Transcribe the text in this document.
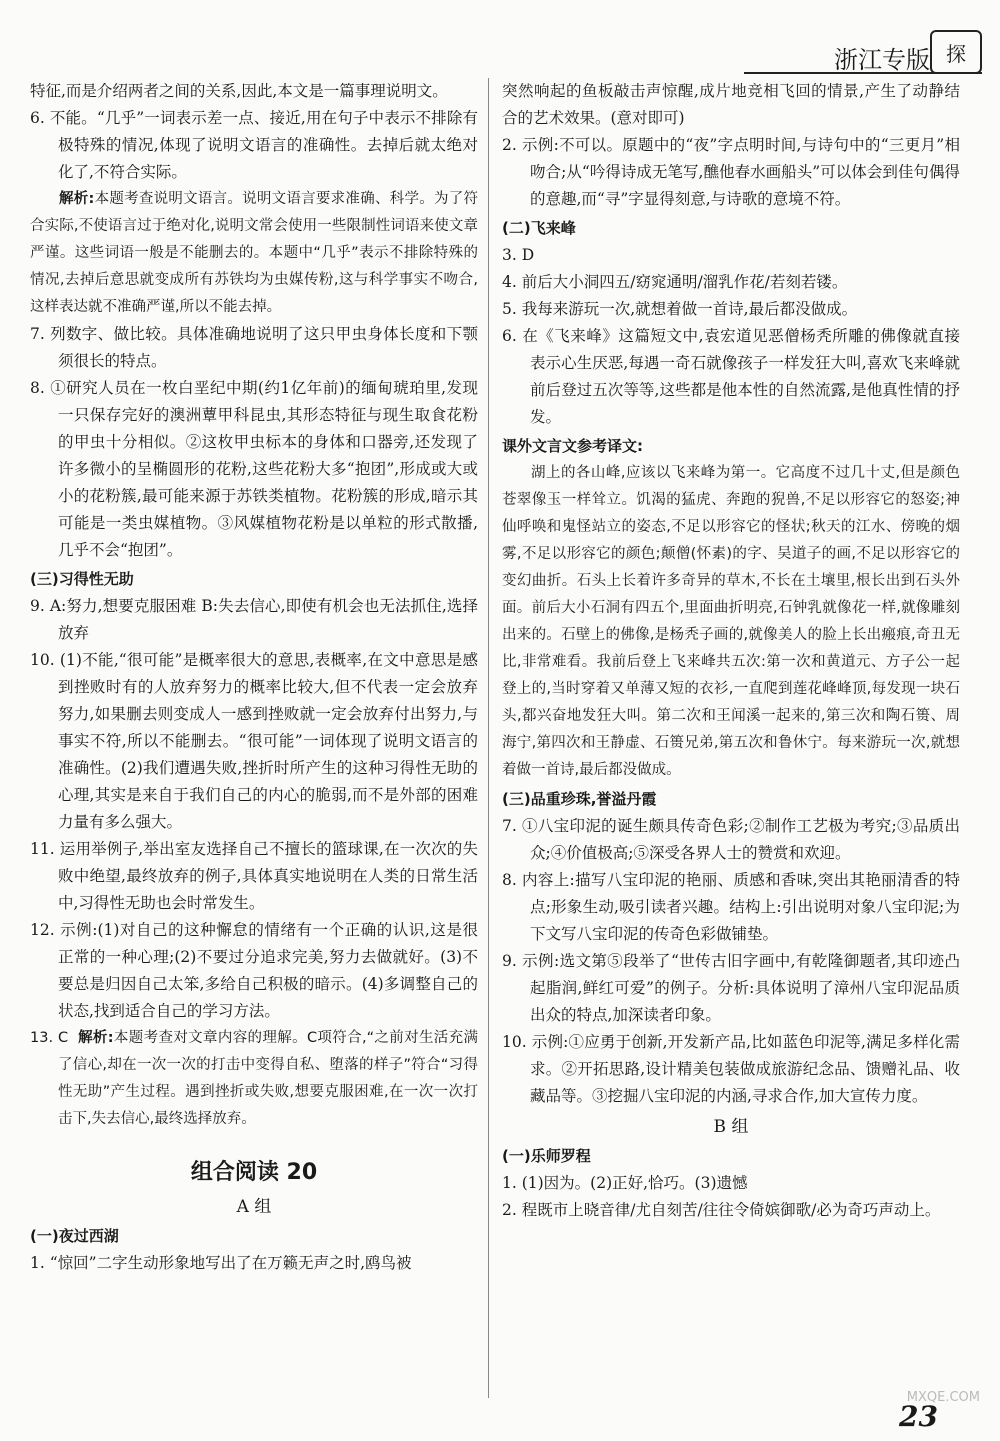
浙江专版 探

特征,而是介绍两者之间的关系,因此,本文是一篇事理说明文。

6. 不能。“几乎”一词表示差一点、接近,用在句子中表示不排除有极特殊的情况,体现了说明文语言的准确性。去掉后就太绝对化了,不符合实际。

解析:本题考查说明文语言。说明文语言要求准确、科学。为了符合实际,不使语言过于绝对化,说明文常会使用一些限制性词语来使文章严谨。这些词语一般是不能删去的。本题中“几乎”表示不排除特殊的情况,去掉后意思就变成所有苏铁均为虫媒传粉,这与科学事实不吻合,这样表达就不准确严谨,所以不能去掉。

7. 列数字、做比较。具体准确地说明了这只甲虫身体长度和下颚须很长的特点。

8. ①研究人员在一枚白垩纪中期(约1亿年前)的缅甸琥珀里,发现一只保存完好的澳洲蕈甲科昆虫,其形态特征与现生取食花粉的甲虫十分相似。②这枚甲虫标本的身体和口器旁,还发现了许多微小的呈椭圆形的花粉,这些花粉大多“抱团”,形成或大或小的花粉簇,最可能来源于苏铁类植物。花粉簇的形成,暗示其可能是一类虫媒植物。③风媒植物花粉是以单粒的形式散播,几乎不会“抱团”。

(三)习得性无助

9. A:努力,想要克服困难 B:失去信心,即使有机会也无法抓住,选择放弃

10. (1)不能,“很可能”是概率很大的意思,表概率,在文中意思是感到挫败时有的人放弃努力的概率比较大,但不代表一定会放弃努力,如果删去则变成人一感到挫败就一定会放弃付出努力,与事实不符,所以不能删去。“很可能”一词体现了说明文语言的准确性。(2)我们遭遇失败,挫折时所产生的这种习得性无助的心理,其实是来自于我们自己的内心的脆弱,而不是外部的困难力量有多么强大。

11. 运用举例子,举出室友选择自己不擅长的篮球课,在一次次的失败中绝望,最终放弃的例子,具体真实地说明在人类的日常生活中,习得性无助也会时常发生。

12. 示例:(1)对自己的这种懈怠的情绪有一个正确的认识,这是很正常的一种心理;(2)不要过分追求完美,努力去做就好。(3)不要总是归因自己太笨,多给自己积极的暗示。(4)多调整自己的状态,找到适合自己的学习方法。

13. C 解析:本题考查对文章内容的理解。C项符合,“之前对生活充满了信心,却在一次一次的打击中变得自私、堕落的样子”符合“习得性无助”产生过程。遇到挫折或失败,想要克服困难,在一次一次打击下,失去信心,最终选择放弃。

组合阅读 20
A 组

(一)夜过西湖

1. “惊回”二字生动形象地写出了在万籁无声之时,鸥鸟被

突然响起的鱼板敲击声惊醒,成片地竞相飞回的情景,产生了动静结合的艺术效果。(意对即可)

2. 示例:不可以。原题中的“夜”字点明时间,与诗句中的“三更月”相吻合;从“吟得诗成无笔写,醮他春水画船头”可以体会到佳句偶得的意趣,而“寻”字显得刻意,与诗歌的意境不符。

(二)飞来峰

3. D

4. 前后大小洞四五/窈窕通明/溜乳作花/若刻若镂。

5. 我每来游玩一次,就想着做一首诗,最后都没做成。

6. 在《飞来峰》这篇短文中,袁宏道见恶僧杨秃所雕的佛像就直接表示心生厌恶,每遇一奇石就像孩子一样发狂大叫,喜欢飞来峰就前后登过五次等等,这些都是他本性的自然流露,是他真性情的抒发。

课外文言文参考译文:

湖上的各山峰,应该以飞来峰为第一。它高度不过几十丈,但是颜色苍翠像玉一样耸立。饥渴的猛虎、奔跑的猊兽,不足以形容它的怒姿;神仙呼唤和鬼怪站立的姿态,不足以形容它的怪状;秋天的江水、傍晚的烟雾,不足以形容它的颜色;颠僧(怀素)的字、吴道子的画,不足以形容它的变幻曲折。石头上长着许多奇异的草木,不长在土壤里,根长出到石头外面。前后大小石洞有四五个,里面曲折明亮,石钟乳就像花一样,就像雕刻出来的。石壁上的佛像,是杨秃子画的,就像美人的脸上长出瘢痕,奇丑无比,非常难看。我前后登上飞来峰共五次:第一次和黄道元、方子公一起登上的,当时穿着又单薄又短的衣衫,一直爬到莲花峰峰顶,每发现一块石头,都兴奋地发狂大叫。第二次和王闻溪一起来的,第三次和陶石篑、周海宁,第四次和王静虚、石篑兄弟,第五次和鲁休宁。每来游玩一次,就想着做一首诗,最后都没做成。

(三)品重珍珠,誉溢丹霞

7. ①八宝印泥的诞生颇具传奇色彩;②制作工艺极为考究;③品质出众;④价值极高;⑤深受各界人士的赞赏和欢迎。

8. 内容上:描写八宝印泥的艳丽、质感和香味,突出其艳丽清香的特点;形象生动,吸引读者兴趣。结构上:引出说明对象八宝印泥;为下文写八宝印泥的传奇色彩做铺垫。

9. 示例:选文第⑤段举了“世传古旧字画中,有乾隆御题者,其印迹凸起脂润,鲜红可爱”的例子。分析:具体说明了漳州八宝印泥品质出众的特点,加深读者印象。

10. 示例:①应勇于创新,开发新产品,比如蓝色印泥等,满足多样化需求。②开拓思路,设计精美包装做成旅游纪念品、馈赠礼品、收藏品等。③挖掘八宝印泥的内涵,寻求合作,加大宣传力度。

B 组

(一)乐师罗程

1. (1)因为。(2)正好,恰巧。(3)遗憾

2. 程既市上晓音律/尤自刻苦/往往令倚嫔御歌/必为奇巧声动上。

MXQE.COM
23
